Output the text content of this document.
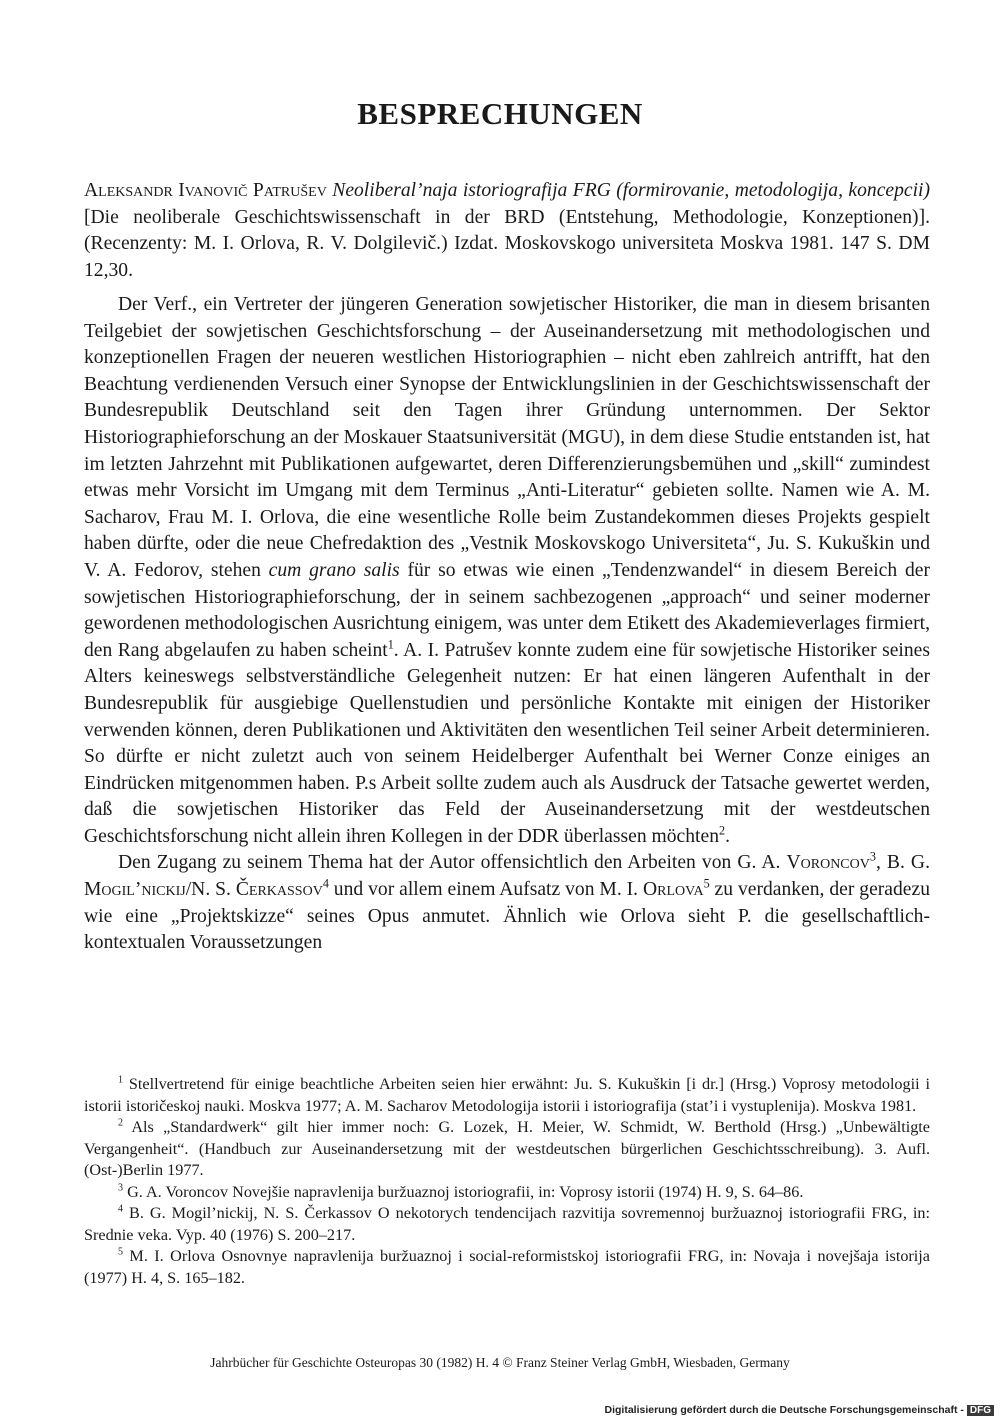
BESPRECHUNGEN
Aleksandr Ivanovič Patrušev Neoliberal’naja istoriografija FRG (formirovanie, metodologija, koncepcii) [Die neoliberale Geschichtswissenschaft in der BRD (Entstehung, Methodologie, Konzeptionen)]. (Recenzenty: M. I. Orlova, R. V. Dolgilevič.) Izdat. Moskovskogo universiteta Moskva 1981. 147 S. DM 12,30.

Der Verf., ein Vertreter der jüngeren Generation sowjetischer Historiker, die man in diesem brisanten Teilgebiet der sowjetischen Geschichtsforschung – der Auseinandersetzung mit methodologischen und konzeptionellen Fragen der neueren westlichen Historiographien – nicht eben zahlreich antrifft, hat den Beachtung verdienenden Versuch einer Synopse der Entwicklungslinien in der Geschichtswissenschaft der Bundesrepublik Deutschland seit den Tagen ihrer Gründung unternommen. Der Sektor Historiographieforschung an der Moskauer Staatsuniversität (MGU), in dem diese Studie entstanden ist, hat im letzten Jahrzehnt mit Publikationen aufgewartet, deren Differenzierungsbemühen und „skill“ zumindest etwas mehr Vorsicht im Umgang mit dem Terminus „Anti-Literatur“ gebieten sollte. Namen wie A. M. Sacharov, Frau M. I. Orlova, die eine wesentliche Rolle beim Zustandekommen dieses Projekts gespielt haben dürfte, oder die neue Chefredaktion des „Vestnik Moskovskogo Universiteta“, Ju. S. Kukuškin und V. A. Fedorov, stehen cum grano salis für so etwas wie einen „Tendenzwandel“ in diesem Bereich der sowjetischen Historiographieforschung, der in seinem sachbezogenen „approach“ und seiner moderner gewordenen methodologischen Ausrichtung einigem, was unter dem Etikett des Akademieverlages firmiert, den Rang abgelaufen zu haben scheint$^1$. A. I. Patrušev konnte zudem eine für sowjetische Historiker seines Alters keineswegs selbstverständliche Gelegenheit nutzen: Er hat einen längeren Aufenthalt in der Bundesrepublik für ausgiebige Quellenstudien und persönliche Kontakte mit einigen der Historiker verwenden können, deren Publikationen und Aktivitäten den wesentlichen Teil seiner Arbeit determinieren. So dürfte er nicht zuletzt auch von seinem Heidelberger Aufenthalt bei Werner Conze einiges an Eindrücken mitgenommen haben. P.s Arbeit sollte zudem auch als Ausdruck der Tatsache gewertet werden, daß die sowjetischen Historiker das Feld der Auseinandersetzung mit der westdeutschen Geschichtsforschung nicht allein ihren Kollegen in der DDR überlassen möchten$^2$.

Den Zugang zu seinem Thema hat der Autor offensichtlich den Arbeiten von G. A. Voroncov$^3$, B. G. Mogil’nickij/N. S. Čerkassov$^4$ und vor allem einem Aufsatz von M. I. Orlova$^5$ zu verdanken, der geradezu wie eine „Projektskizze“ seines Opus anmutet. Ähnlich wie Orlova sieht P. die gesellschaftlich-kontextualen Voraussetzungen

$^1$ Stellvertretend für einige beachtliche Arbeiten seien hier erwähnt: Ju. S. Kukuškin [i dr.] (Hrsg.) Voprosy metodologii i istorii istoričeskoj nauki. Moskva 1977; A. M. Sacharov Metodologija istorii i istoriografija (stat’i i vystuplenija). Moskva 1981.

$^2$ Als „Standardwerk“ gilt hier immer noch: G. Lozek, H. Meier, W. Schmidt, W. Berthold (Hrsg.) „Unbewältigte Vergangenheit“. (Handbuch zur Auseinandersetzung mit der westdeutschen bürgerlichen Geschichtsschreibung). 3. Aufl. (Ost-)Berlin 1977.

$^3$ G. A. Voroncov Novejšie napravlenija buržuaznoj istoriografii, in: Voprosy istorii (1974) H. 9, S. 64–86.

$^4$ B. G. Mogil’nickij, N. S. Čerkassov O nekotorych tendencijach razvitija sovremennoj buržuaznoj istoriografii FRG, in: Srednie veka. Vyp. 40 (1976) S. 200–217.

$^5$ M. I. Orlova Osnovnye napravlenija buržuaznoj i social-reformistskoj istoriografii FRG, in: Novaja i novejšaja istorija (1977) H. 4, S. 165–182.

Jahrbücher für Geschichte Osteuropas 30 (1982) H. 4 © Franz Steiner Verlag GmbH, Wiesbaden, Germany
Digitalisierung gefördert durch die Deutsche Forschungsgemeinschaft - DFG
